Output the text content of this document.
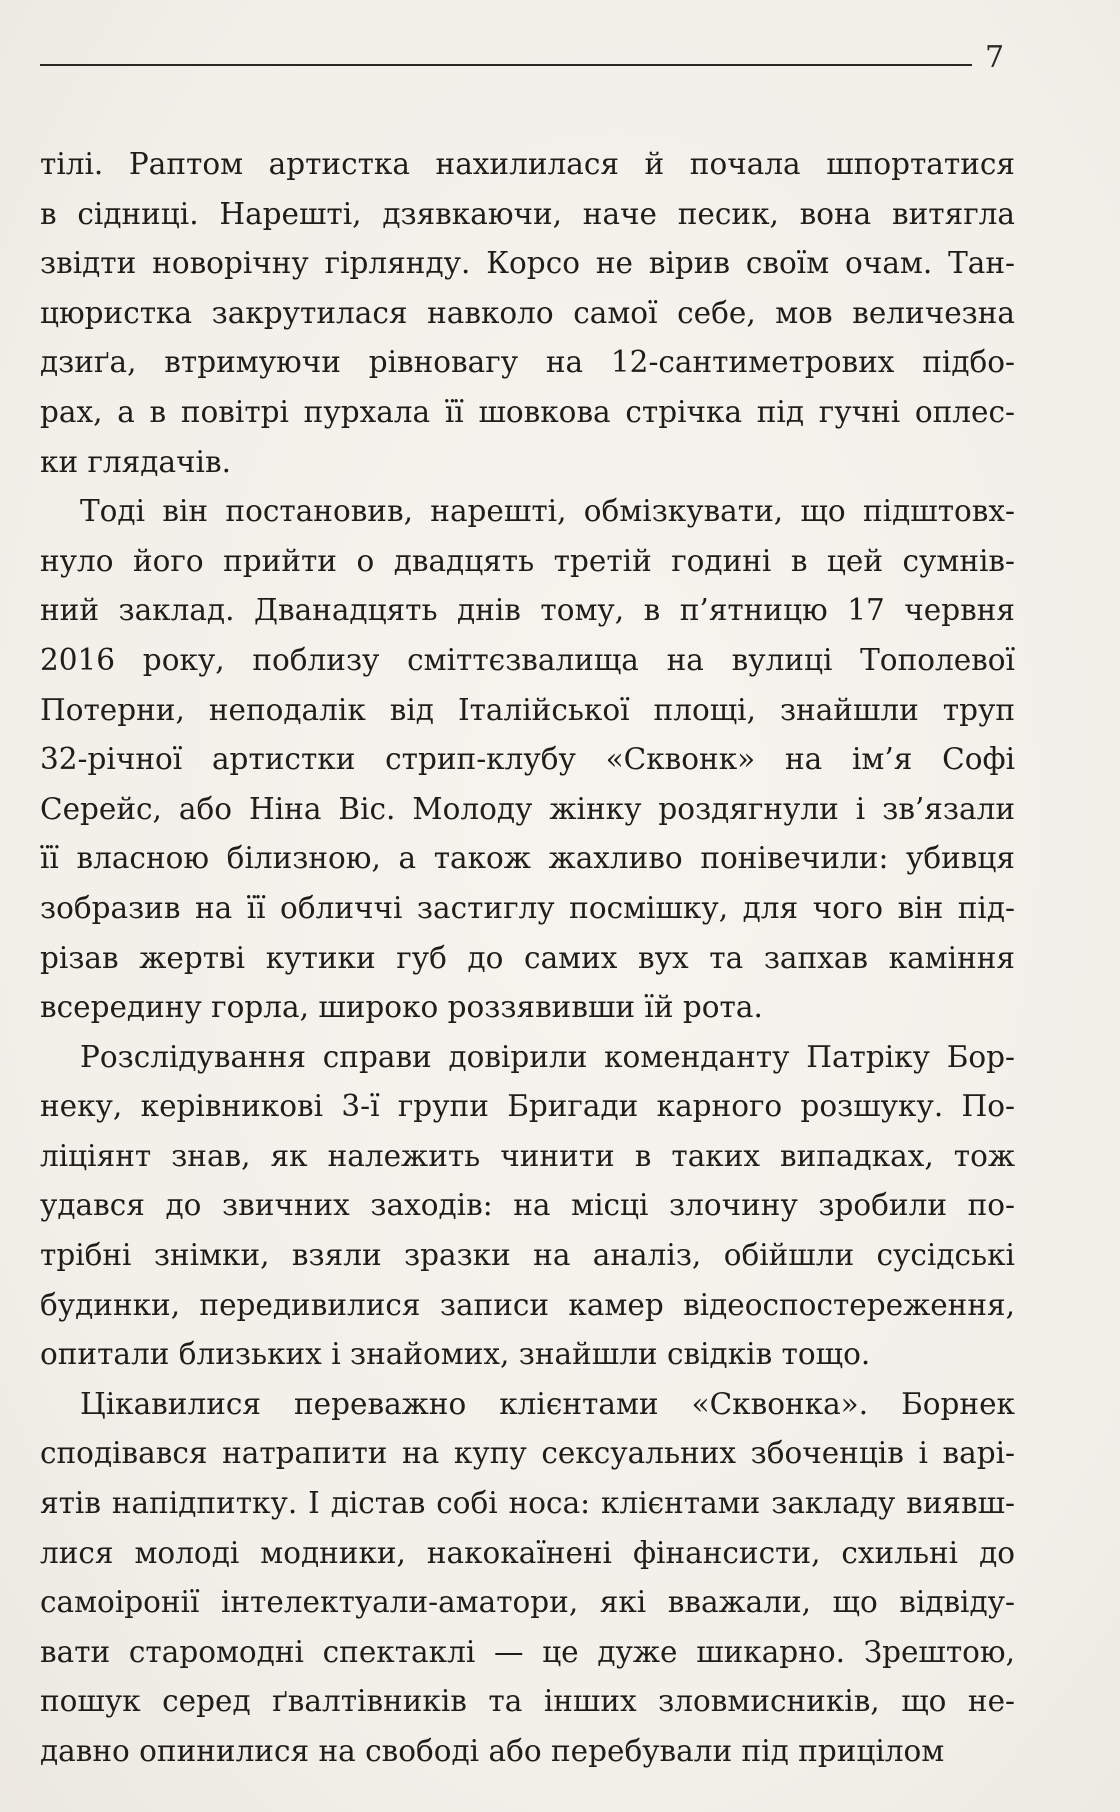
7
тілі. Раптом артистка нахилилася й почала шпортатися
в сідниці. Нарешті, дзявкаючи, наче песик, вона витягла
звідти новорічну гірлянду. Корсо не вірив своїм очам. Тан-
цюристка закрутилася навколо самої себе, мов величезна
дзиґа, втримуючи рівновагу на 12-сантиметрових підбо-
рах, а в повітрі пурхала її шовкова стрічка під гучні оплес-
ки глядачів.
Тоді він постановив, нарешті, обмізкувати, що підштовх-
нуло його прийти о двадцять третій годині в цей сумнів-
ний заклад. Дванадцять днів тому, в п’ятницю 17 червня
2016 року, поблизу сміттєзвалища на вулиці Тополевої
Потерни, неподалік від Італійської площі, знайшли труп
32-річної артистки стрип-клубу «Сквонк» на ім’я Софі
Серейс, або Ніна Віс. Молоду жінку роздягнули і зв’язали
її власною білизною, а також жахливо понівечили: убивця
зобразив на її обличчі застиглу посмішку, для чого він під-
різав жертві кутики губ до самих вух та запхав каміння
всередину горла, широко роззявивши їй рота.
Розслідування справи довірили коменданту Патріку Бор-
неку, керівникові 3-ї групи Бригади карного розшуку. По-
ліціянт знав, як належить чинити в таких випадках, тож
удався до звичних заходів: на місці злочину зробили по-
трібні знімки, взяли зразки на аналіз, обійшли сусідські
будинки, передивилися записи камер відеоспостереження,
опитали близьких і знайомих, знайшли свідків тощо.
Цікавилися переважно клієнтами «Сквонка». Борнек
сподівався натрапити на купу сексуальних збоченців і варі-
ятів напідпитку. І дістав собі носа: клієнтами закладу виявш-
лися молоді модники, накокаїнені фінансисти, схильні до
самоіронії інтелектуали-аматори, які вважали, що відвіду-
вати старомодні спектаклі — це дуже шикарно. Зрештою,
пошук серед ґвалтівників та інших зловмисників, що не-
давно опинилися на свободі або перебували під прицілом
